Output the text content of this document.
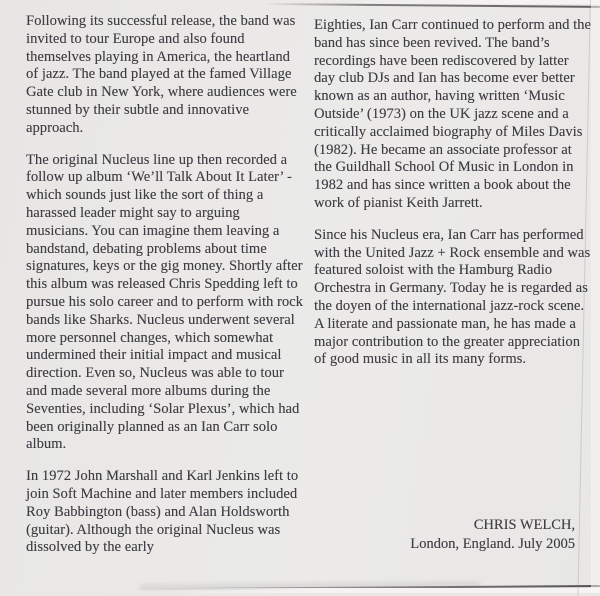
Following its successful release, the band was invited to tour Europe and also found themselves playing in America, the heartland of jazz. The band played at the famed Village Gate club in New York, where audiences were stunned by their subtle and innovative approach.

The original Nucleus line up then recorded a follow up album ‘We’ll Talk About It Later’ - which sounds just like the sort of thing a harassed leader might say to arguing musicians. You can imagine them leaving a bandstand, debating problems about time signatures, keys or the gig money. Shortly after this album was released Chris Spedding left to pursue his solo career and to perform with rock bands like Sharks. Nucleus underwent several more personnel changes, which somewhat undermined their initial impact and musical direction. Even so, Nucleus was able to tour and made several more albums during the Seventies, including ‘Solar Plexus’, which had been originally planned as an Ian Carr solo album.

In 1972 John Marshall and Karl Jenkins left to join Soft Machine and later members included Roy Babbington (bass) and Alan Holdsworth (guitar). Although the original Nucleus was dissolved by the early

Eighties, Ian Carr continued to perform and the band has since been revived. The band’s recordings have been rediscovered by latter day club DJs and Ian has become ever better known as an author, having written ‘Music Outside’ (1973) on the UK jazz scene and a critically acclaimed biography of Miles Davis (1982). He became an associate professor at the Guildhall School Of Music in London in 1982 and has since written a book about the work of pianist Keith Jarrett.

Since his Nucleus era, Ian Carr has performed with the United Jazz + Rock ensemble and was featured soloist with the Hamburg Radio Orchestra in Germany. Today he is regarded as the doyen of the international jazz-rock scene. A literate and passionate man, he has made a major contribution to the greater appreciation of good music in all its many forms.

CHRIS WELCH,
London, England. July 2005
